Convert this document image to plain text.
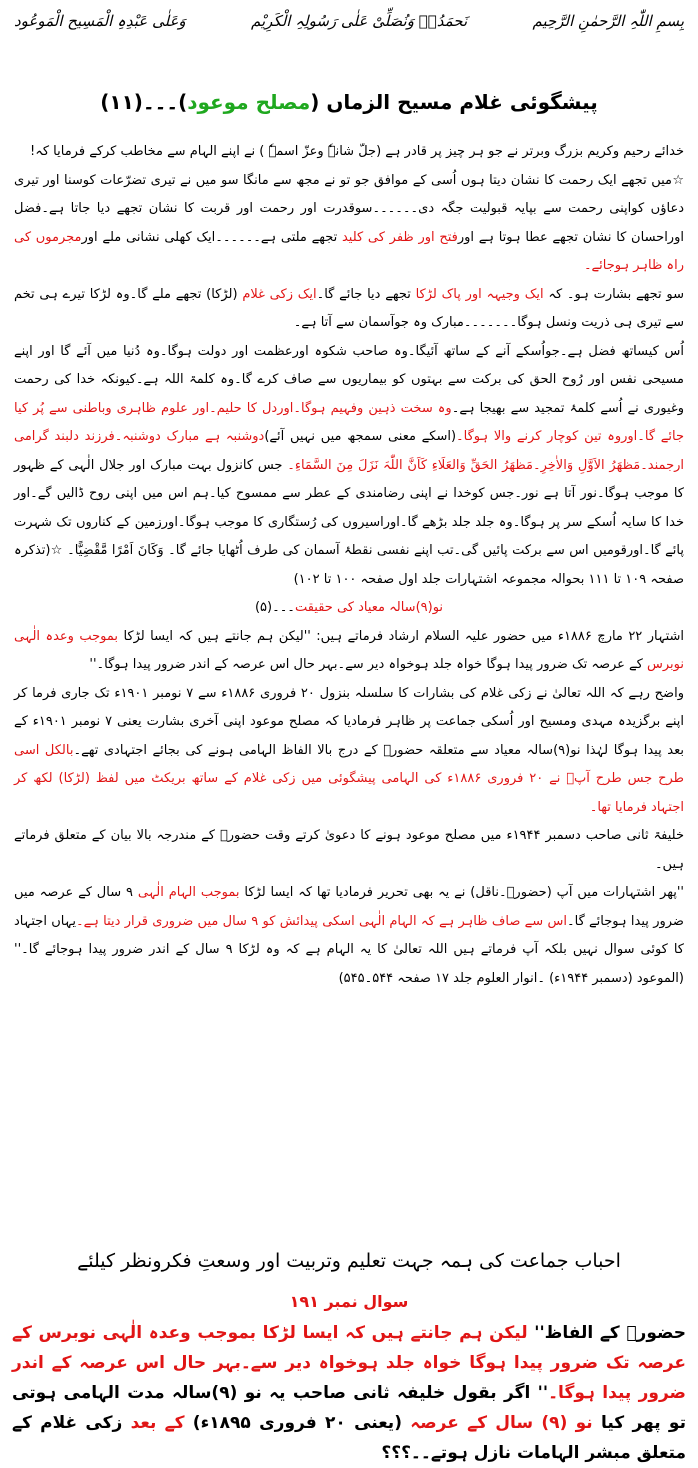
بِسمِ اللّٰہِ الرَّحمٰنِ الرَّحِیم
نَحمَدُہٗ وَنُصَلِّیْ عَلٰی رَسُولِہِ الْکَرِیْم
وَعَلٰی عَبْدِہِ الْمَسِیح الْمَوعُود
پیشگوئی غلام مسیح الزماں (مصلح موعود)۔۔۔(۱۱)

خدائے رحیم وکریم بزرگ وبرتر نے جو ہر چیز پر قادر ہے (جلّ شانہٗ وعزّ اسمہٗ ) نے اپنے الہام سے مخاطب کرکے فرمایا کہ!

☆میں تجھے ایک رحمت کا نشان دیتا ہوں اُسی کے موافق جو تو نے مجھ سے مانگا سو میں نے تیری تضرّعات کوسنا اور تیری دعاؤں کواپنی رحمت سے بپایہ قبولیت جگہ دی۔۔۔۔۔۔سوقدرت اور رحمت اور قربت کا نشان تجھے دیا جاتا ہے۔فضل اوراحسان کا نشان تجھے عطا ہوتا ہے اورفتح اور ظفر کی کلید تجھے ملتی ہے۔۔۔۔۔۔ایک کھلی نشانی ملے اورمجرموں کی راہ ظاہر ہوجائے۔

سو تجھے بشارت ہو۔ کہ ایک وجیہہ اور پاک لڑکا تجھے دیا جائے گا۔ایک زکی غلام (لڑکا) تجھے ملے گا۔وہ لڑکا تیرے ہی تخم سے تیری ہی ذریت ونسل ہوگا۔۔۔۔۔۔۔مبارک وہ جوآسمان سے آتا ہے۔

اُس کیساتھ فضل ہے۔جواُسکے آنے کے ساتھ آئیگا۔وہ صاحب شکوہ اورعظمت اور دولت ہوگا۔وہ دُنیا میں آئے گا اور اپنے مسیحی نفس اور رُوح الحق کی برکت سے بہتوں کو بیماریوں سے صاف کرے گا۔وہ کلمۃ اللہ ہے۔کیونکہ خدا کی رحمت وغیوری نے اُسے کلمۂ تمجید سے بھیجا ہے۔وہ سخت ذہین وفہیم ہوگا۔اوردل کا حلیم۔اور علوم ظاہری وباطنی سے پُر کیا جائے گا۔اوروہ تین کوچار کرنے والا ہوگا۔(اسکے معنی سمجھ میں نہیں آئے)دوشنبہ ہے مبارک دوشنبہ۔فرزند دلبند گرامی ارجمند۔مَظھَرُ الاَوَّلِ وَالاٰخِرِ۔مَظھَرُ الحَقِّ وَالعَلَاءِ کَاَنَّ اللّٰہَ نَزَلَ مِنَ السَّمَاءِ۔ جس کانزول بہت مبارک اور جلال الٰہی کے ظہور کا موجب ہوگا۔نور آتا ہے نور۔جس کوخدا نے اپنی رضامندی کے عطر سے ممسوح کیا۔ہم اس میں اپنی روح ڈالیں گے۔اور خدا کا سایہ اُسکے سر پر ہوگا۔وہ جلد جلد بڑھے گا۔اوراسیروں کی رُستگاری کا موجب ہوگا۔اورزمین کے کناروں تک شہرت پائے گا۔اورقومیں اس سے برکت پائیں گی۔تب اپنے نفسی نقطۂ آسمان کی طرف اُٹھایا جائے گا۔ وَکَانَ اَمْرًا مَّقْضِیًّا۔ ☆(تذکرہ صفحہ ۱۰۹ تا ۱۱۱ بحوالہ مجموعہ اشتہارات جلد اول صفحہ ۱۰۰ تا ۱۰۲)

نو(۹)سالہ معیاد کی حقیقت۔۔۔(۵)

اشتہار ۲۲ مارچ ۱۸۸۶ء میں حضور علیہ السلام ارشاد فرماتے ہیں: ''لیکن ہم جانتے ہیں کہ ایسا لڑکا بموجب وعدہ الٰہی نوبرس کے عرصہ تک ضرور پیدا ہوگا خواہ جلد ہوخواہ دیر سے۔بہر حال اس عرصہ کے اندر ضرور پیدا ہوگا۔''

واضح رہے کہ اللہ تعالیٰ نے زکی غلام کی بشارات کا سلسلہ بنزول ۲۰ فروری ۱۸۸۶ء سے ۷ نومبر ۱۹۰۱ء تک جاری فرما کر اپنے برگزیدہ مہدی ومسیح اور اُسکی جماعت پر ظاہر فرمادیا کہ مصلح موعود اپنی آخری بشارت یعنی ۷ نومبر ۱۹۰۱ء کے بعد پیدا ہوگا لہٰذا نو(۹)سالہ معیاد سے متعلقہ حضورؑ کے درج بالا الفاظ الہامی ہونے کی بجائے اجتہادی تھے۔بالکل اسی طرح جس طرح آپؑ نے ۲۰ فروری ۱۸۸۶ء کی الہامی پیشگوئی میں زکی غلام کے ساتھ بریکٹ میں لفظ (لڑکا) لکھ کر اجتہاد فرمایا تھا۔

خلیفۃ ثانی صاحب دسمبر ۱۹۴۴ء میں مصلح موعود ہونے کا دعویٰ کرتے وقت حضورؑ کے مندرجہ بالا بیان کے متعلق فرماتے ہیں۔

''پھر اشتہارات میں آپ (حضورؑ۔ناقل) نے یہ بھی تحریر فرمادیا تھا کہ ایسا لڑکا بموجب الہام الٰہی ۹ سال کے عرصہ میں ضرور پیدا ہوجائے گا۔اس سے صاف ظاہر ہے کہ الہام الٰہی اسکی پیدائش کو ۹ سال میں ضروری قرار دیتا ہے۔یہاں اجتہاد کا کوئی سوال نہیں بلکہ آپ فرماتے ہیں اللہ تعالیٰ کا یہ الہام ہے کہ وہ لڑکا ۹ سال کے اندر ضرور پیدا ہوجائے گا۔'' (الموعود (دسمبر ۱۹۴۴ء) ۔انوار العلوم جلد ۱۷ صفحہ ۵۴۴۔۵۴۵)

احباب جماعت کی ہمہ جہت تعلیم وتربیت اور وسعتِ فکرونظر کیلئے
سوال نمبر ۱۹۱

حضورؑ کے الفاظ'' لیکن ہم جانتے ہیں کہ ایسا لڑکا بموجب وعدہ الٰہی نوبرس کے عرصہ تک ضرور پیدا ہوگا خواہ جلد ہوخواہ دیر سے۔بہر حال اس عرصہ کے اندر ضرور پیدا ہوگا۔'' اگر بقول خلیفہ ثانی صاحب یہ نو (۹)سالہ مدت الہامی ہوتی تو پھر کیا نو (۹) سال کے عرصہ (یعنی ۲۰ فروری ۱۸۹۵ء) کے بعد زکی غلام کے متعلق مبشر الہامات نازل ہوتے۔۔؟؟؟
